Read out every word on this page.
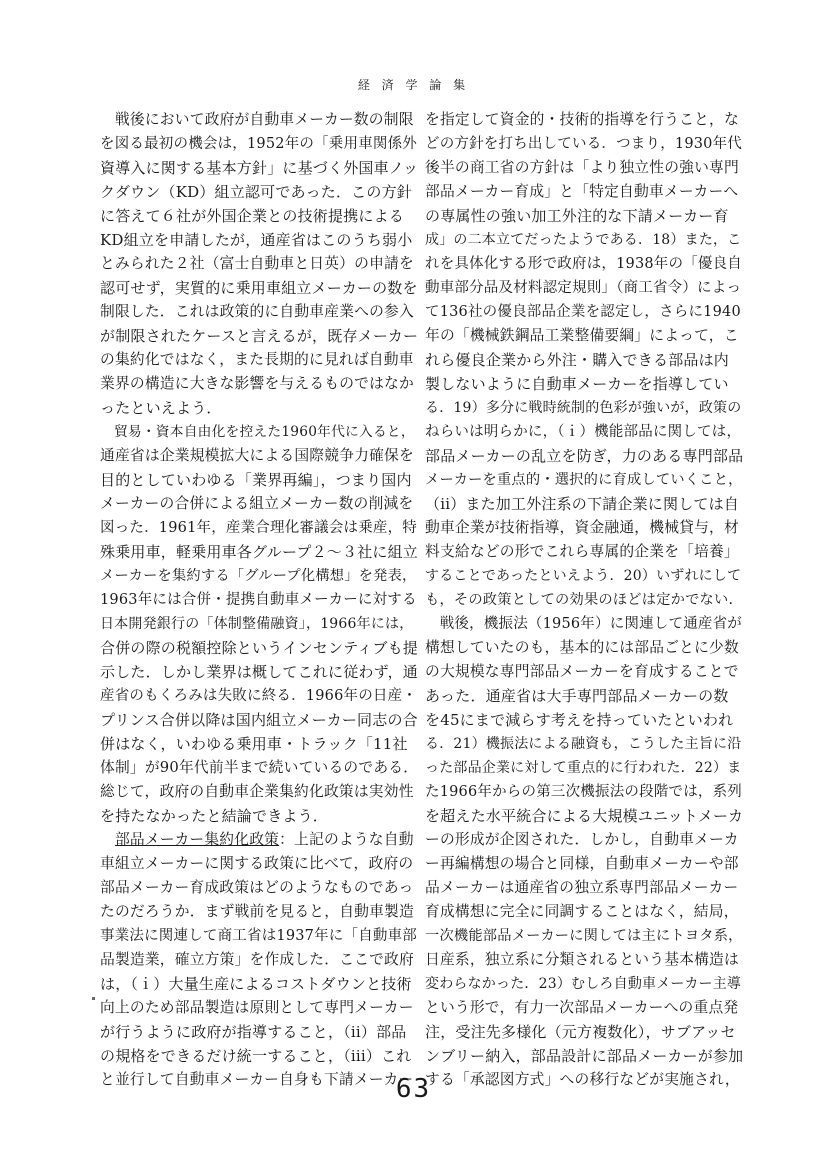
経 済 学 論 集
　戦後において政府が自動車メーカー数の制限
を図る最初の機会は，1952年の「乗用車関係外
資導入に関する基本方針」に基づく外国車ノッ
クダウン（KD）組立認可であった．この方針
に答えて６社が外国企業との技術提携による
KD組立を申請したが，通産省はこのうち弱小
とみられた２社（富士自動車と日英）の申請を
認可せず，実質的に乗用車組立メーカーの数を
制限した．これは政策的に自動車産業への参入
が制限されたケースと言えるが，既存メーカー
の集約化ではなく，また長期的に見れば自動車
業界の構造に大きな影響を与えるものではなか
ったといえよう．
　貿易・資本自由化を控えた1960年代に入ると，
通産省は企業規模拡大による国際競争力確保を
目的としていわゆる「業界再編」，つまり国内
メーカーの合併による組立メーカー数の削減を
図った．1961年，産業合理化審議会は乗産，特
殊乗用車，軽乗用車各グループ２～３社に組立
メーカーを集約する「グループ化構想」を発表，
1963年には合併・提携自動車メーカーに対する
日本開発銀行の「体制整備融資」，1966年には，
合併の際の税額控除というインセンティブも提
示した．しかし業界は概してこれに従わず，通
産省のもくろみは失敗に終る．1966年の日産・
プリンス合併以降は国内組立メーカー同志の合
併はなく，いわゆる乗用車・トラック「11社
体制」が90年代前半まで続いているのである．
総じて，政府の自動車企業集約化政策は実効性
を持たなかったと結論できよう．
　部品メーカー集約化政策：上記のような自動
車組立メーカーに関する政策に比べて，政府の
部品メーカー育成政策はどのようなものであっ
たのだろうか．まず戦前を見ると，自動車製造
事業法に関連して商工省は1937年に「自動車部
品製造業，確立方策」を作成した．ここで政府
は，（ｉ）大量生産によるコストダウンと技術
向上のため部品製造は原則として専門メーカー
が行うように政府が指導すること，（ii）部品
の規格をできるだけ統一すること，（iii）これ
と並行して自動車メーカー自身も下請メーカー
を指定して資金的・技術的指導を行うこと，な
どの方針を打ち出している．つまり，1930年代
後半の商工省の方針は「より独立性の強い専門
部品メーカー育成」と「特定自動車メーカーへ
の専属性の強い加工外注的な下請メーカー育
成」の二本立てだったようである．18）また，こ
れを具体化する形で政府は，1938年の「優良自
動車部分品及材料認定規則」（商工省令）によっ
て136社の優良部品企業を認定し，さらに1940
年の「機械鉄鋼品工業整備要綱」によって，こ
れら優良企業から外注・購入できる部品は内
製しないように自動車メーカーを指導してい
る．19）多分に戦時統制的色彩が強いが，政策の
ねらいは明らかに，（ｉ）機能部品に関しては，
部品メーカーの乱立を防ぎ，力のある専門部品
メーカーを重点的・選択的に育成していくこと，
（ii）また加工外注系の下請企業に関しては自
動車企業が技術指導，資金融通，機械貸与，材
料支給などの形でこれら専属的企業を「培養」
することであったといえよう．20）いずれにして
も，その政策としての効果のほどは定かでない．
　戦後，機振法（1956年）に関連して通産省が
構想していたのも，基本的には部品ごとに少数
の大規模な専門部品メーカーを育成することで
あった．通産省は大手専門部品メーカーの数
を45にまで減らす考えを持っていたといわれ
る．21）機振法による融資も，こうした主旨に沿
った部品企業に対して重点的に行われた．22）ま
た1966年からの第三次機振法の段階では，系列
を超えた水平統合による大規模ユニットメーカ
ーの形成が企図された．しかし，自動車メーカ
ー再編構想の場合と同様，自動車メーカーや部
品メーカーは通産省の独立系専門部品メーカー
育成構想に完全に同調することはなく，結局，
一次機能部品メーカーに関しては主にトヨタ系，
日産系，独立系に分類されるという基本構造は
変わらなかった．23）むしろ自動車メーカー主導
という形で，有力一次部品メーカーへの重点発
注，受注先多様化（元方複数化），サブアッセ
ンブリー納入，部品設計に部品メーカーが参加
する「承認図方式」への移行などが実施され，
63
